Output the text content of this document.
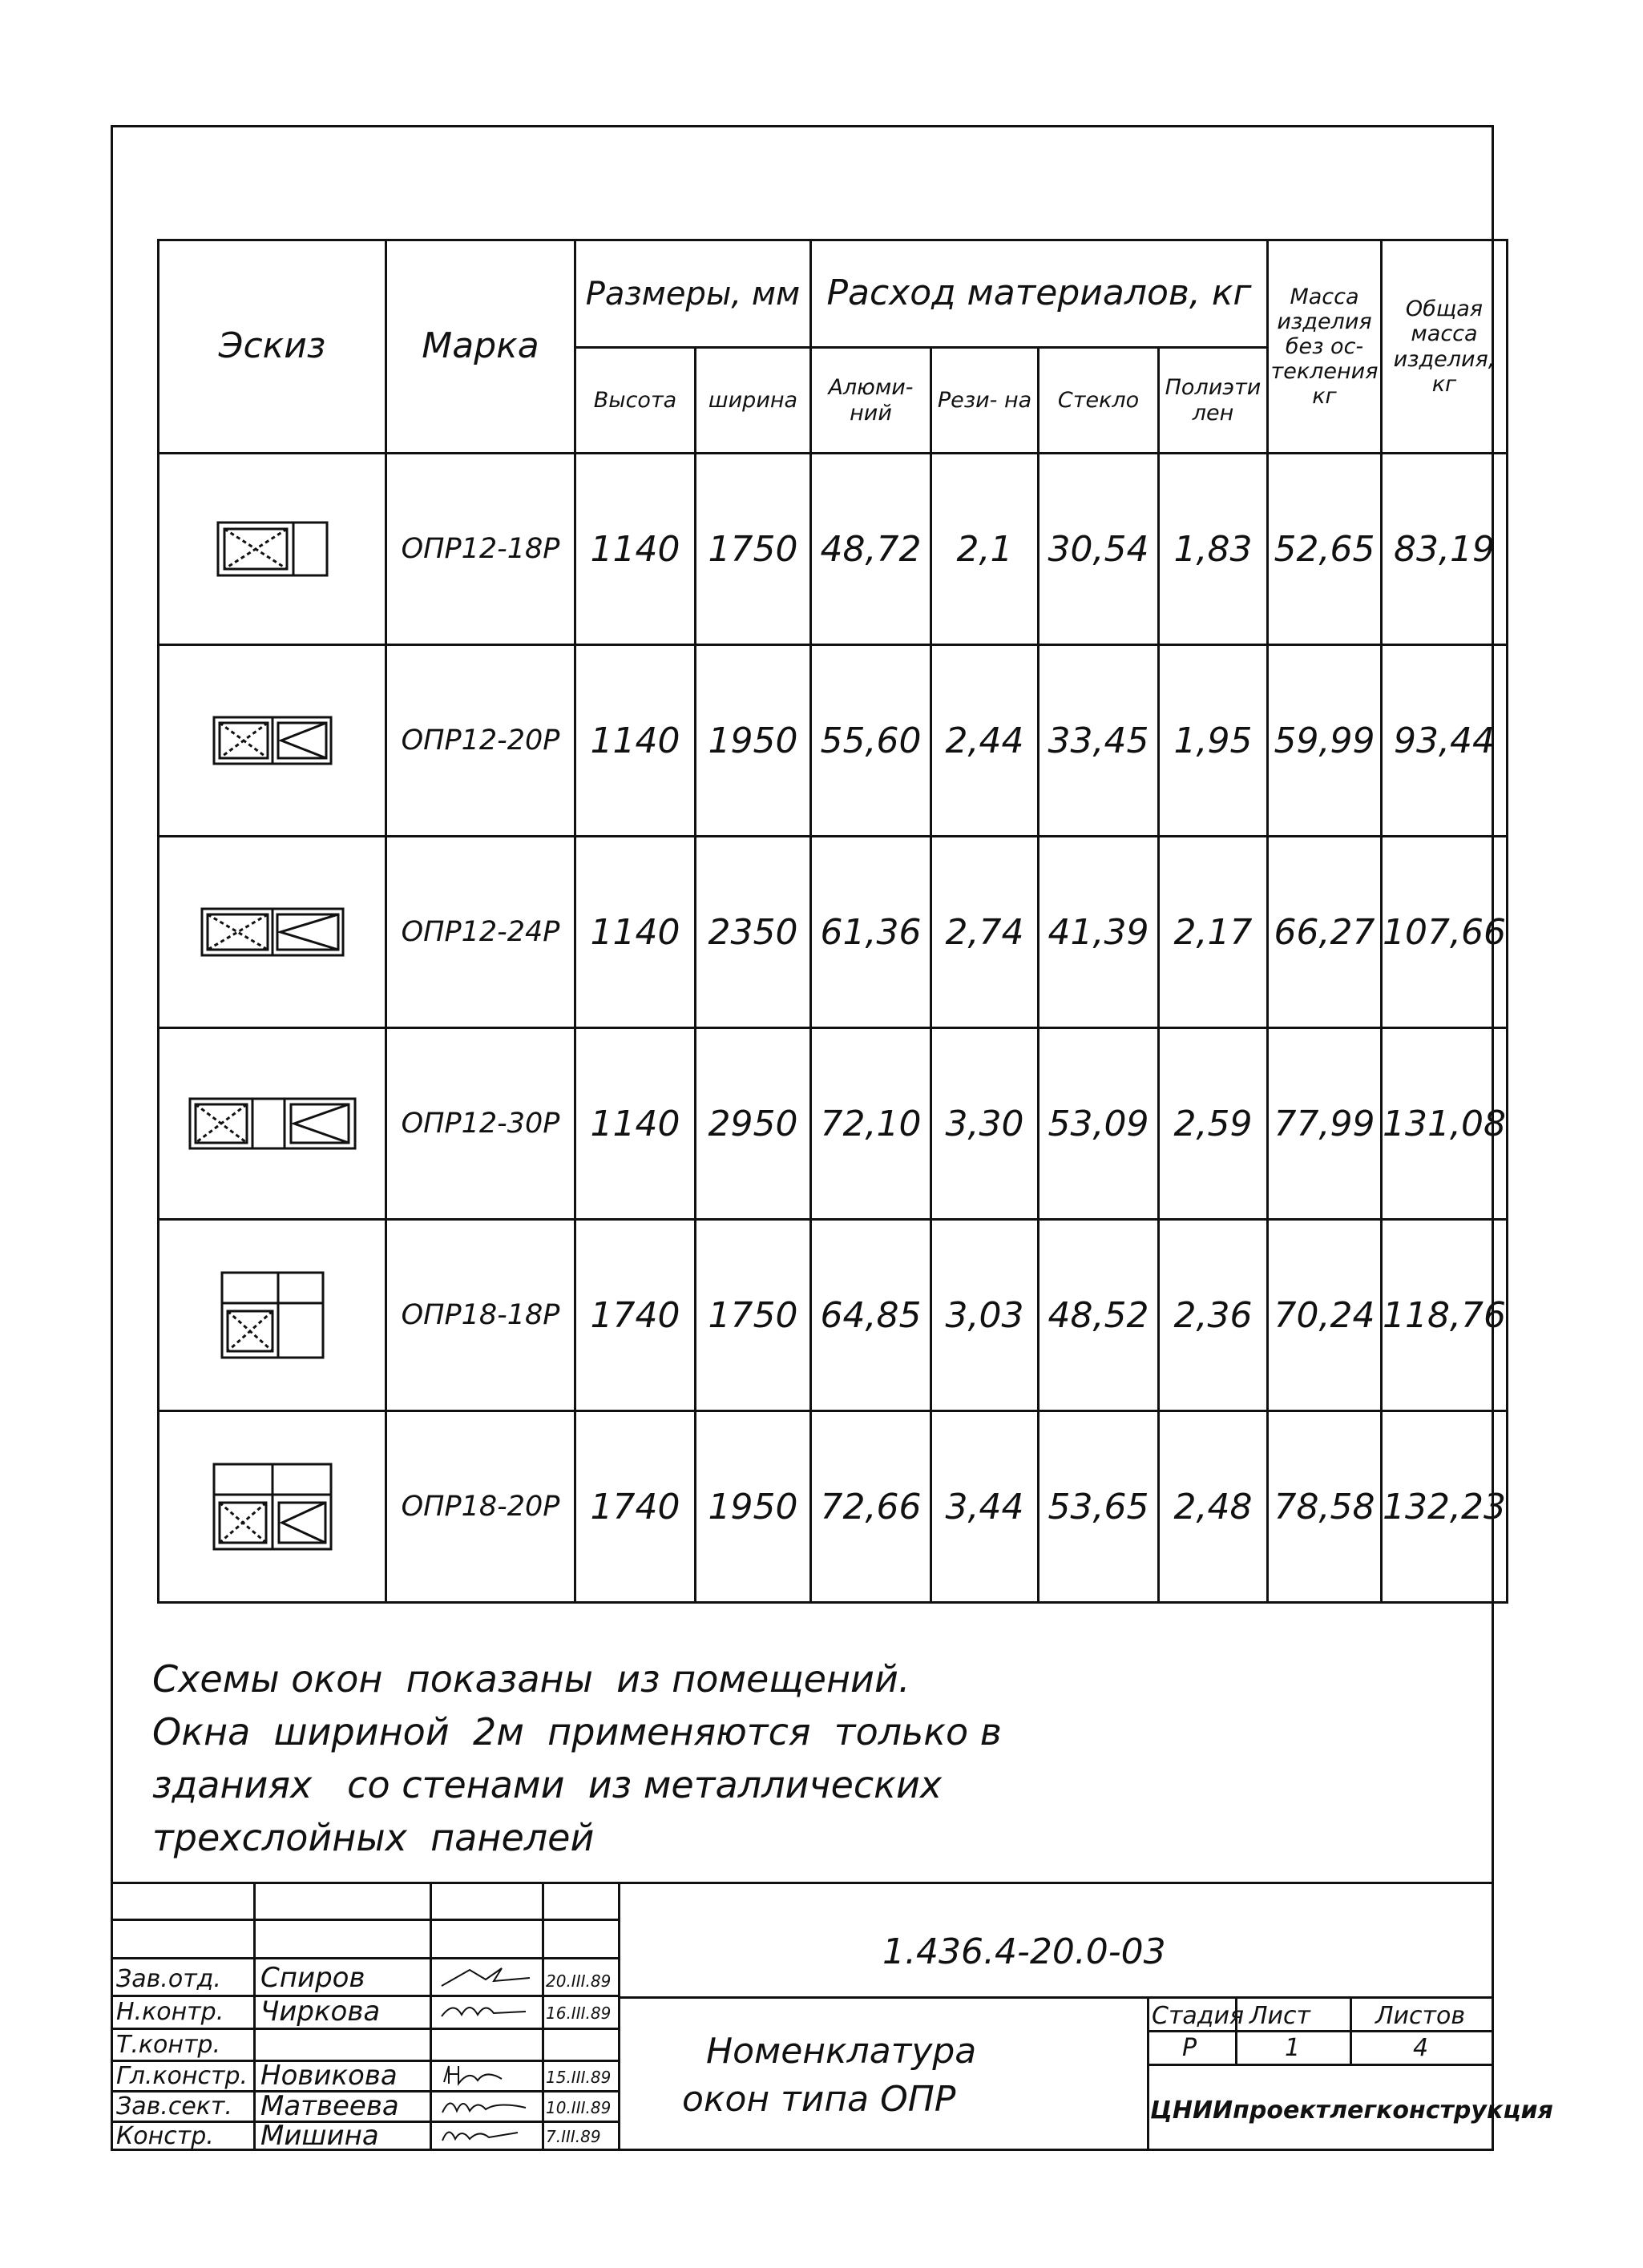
Эскиз	Марка	Размеры, мм		Расход материалов, кг				Масса изделия без ос- текления кг	Общая масса изделия, кг
		Высота	ширина	Алюми- ний	Рези- на	Стекло	Полиэти лен		

	ОПР12-18Р	1140	1750	48,72	2,1	30,54	1,83	52,65	83,19

	ОПР12-20Р	1140	1950	55,60	2,44	33,45	1,95	59,99	93,44

	ОПР12-24Р	1140	2350	61,36	2,74	41,39	2,17	66,27	107,66

	ОПР12-30Р	1140	2950	72,10	3,30	53,09	2,59	77,99	131,08

	ОПР18-18Р	1740	1750	64,85	3,03	48,52	2,36	70,24	118,76

	ОПР18-20Р	1740	1950	72,66	3,44	53,65	2,48	78,58	132,23
Схемы окон  показаны  из помещений.
Окна  шириной  2м  применяются  только в
зданиях   со стенами  из металлических
трехслойных  панелей
Зав.отд. Спиров	20.III.89
Н.контр. Чиркова	16.III.89
Т.контр.
Гл.констр. Новикова	15.III.89
Зав.сект. Матвеева	10.III.89
Констр. Мишина	7.III.89
1.436.4-20.0-03
Номенклатура
окон типа ОПР
Стадия Лист	Листов
Р	1	4
ЦНИИпроектлегконструкция
